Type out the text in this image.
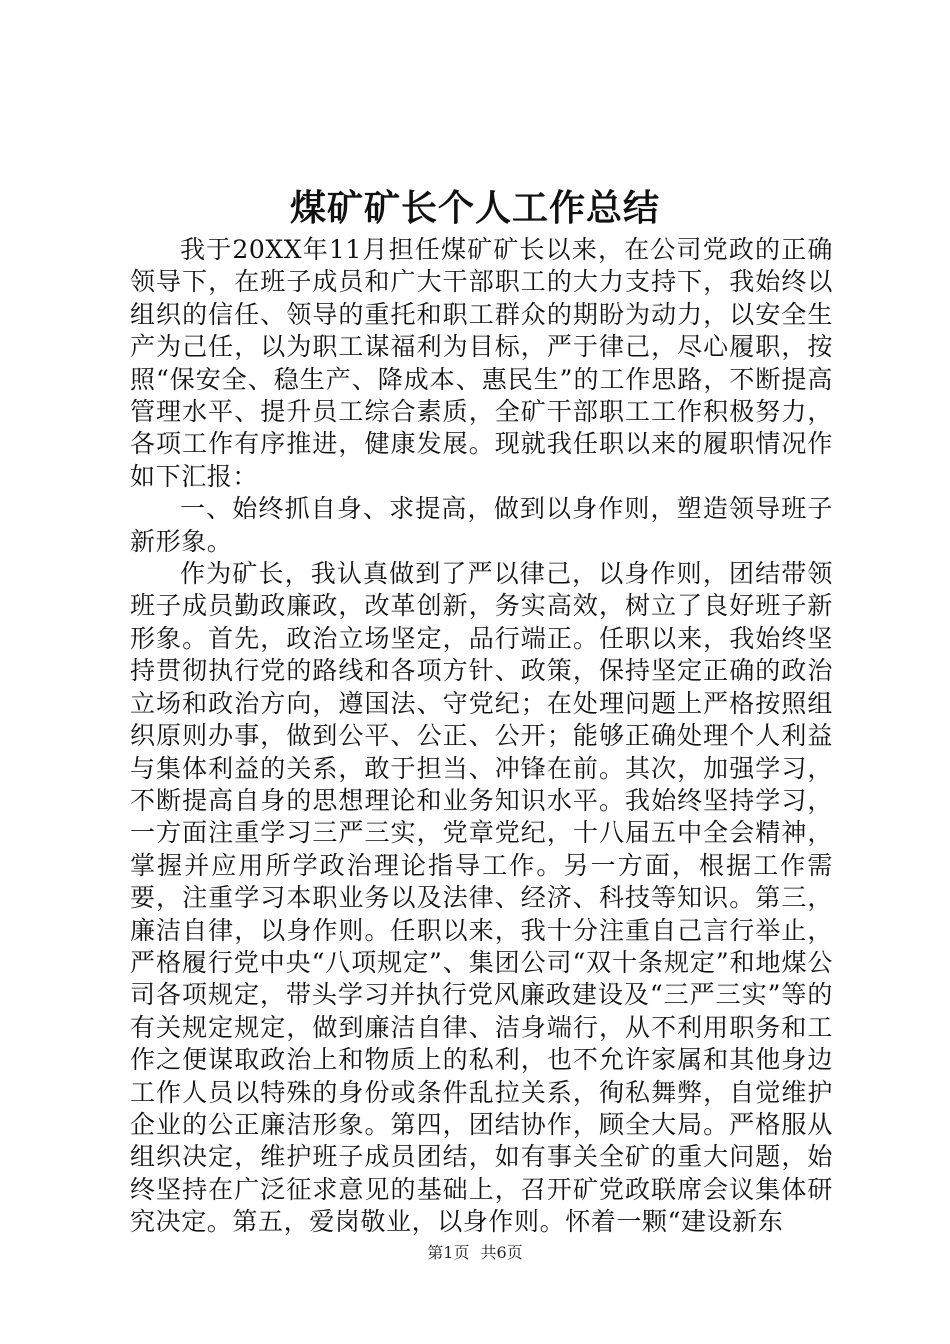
煤矿矿长个人工作总结

我于20XX年11月担任煤矿矿长以来，在公司党政的正确领导下，在班子成员和广大干部职工的大力支持下，我始终以组织的信任、领导的重托和职工群众的期盼为动力，以安全生产为己任，以为职工谋福利为目标，严于律己，尽心履职，按照“保安全、稳生产、降成本、惠民生”的工作思路，不断提高管理水平、提升员工综合素质，全矿干部职工工作积极努力，各项工作有序推进，健康发展。现就我任职以来的履职情况作如下汇报：

一、始终抓自身、求提高，做到以身作则，塑造领导班子新形象。

作为矿长，我认真做到了严以律己，以身作则，团结带领班子成员勤政廉政，改革创新，务实高效，树立了良好班子新形象。首先，政治立场坚定，品行端正。任职以来，我始终坚持贯彻执行党的路线和各项方针、政策，保持坚定正确的政治立场和政治方向，遵国法、守党纪；在处理问题上严格按照组织原则办事，做到公平、公正、公开；能够正确处理个人利益与集体利益的关系，敢于担当、冲锋在前。其次，加强学习，不断提高自身的思想理论和业务知识水平。我始终坚持学习，一方面注重学习三严三实，党章党纪，十八届五中全会精神，掌握并应用所学政治理论指导工作。另一方面，根据工作需要，注重学习本职业务以及法律、经济、科技等知识。第三，廉洁自律，以身作则。任职以来，我十分注重自己言行举止，严格履行党中央“八项规定”、集团公司“双十条规定”和地煤公司各项规定，带头学习并执行党风廉政建设及“三严三实”等的有关规定规定，做到廉洁自律、洁身端行，从不利用职务和工作之便谋取政治上和物质上的私利，也不允许家属和其他身边工作人员以特殊的身份或条件乱拉关系，徇私舞弊，自觉维护企业的公正廉洁形象。第四，团结协作，顾全大局。严格服从组织决定，维护班子成员团结，如有事关全矿的重大问题，始终坚持在广泛征求意见的基础上，召开矿党政联席会议集体研究决定。第五，爱岗敬业，以身作则。怀着一颗“建设新东

第1页 共6页
